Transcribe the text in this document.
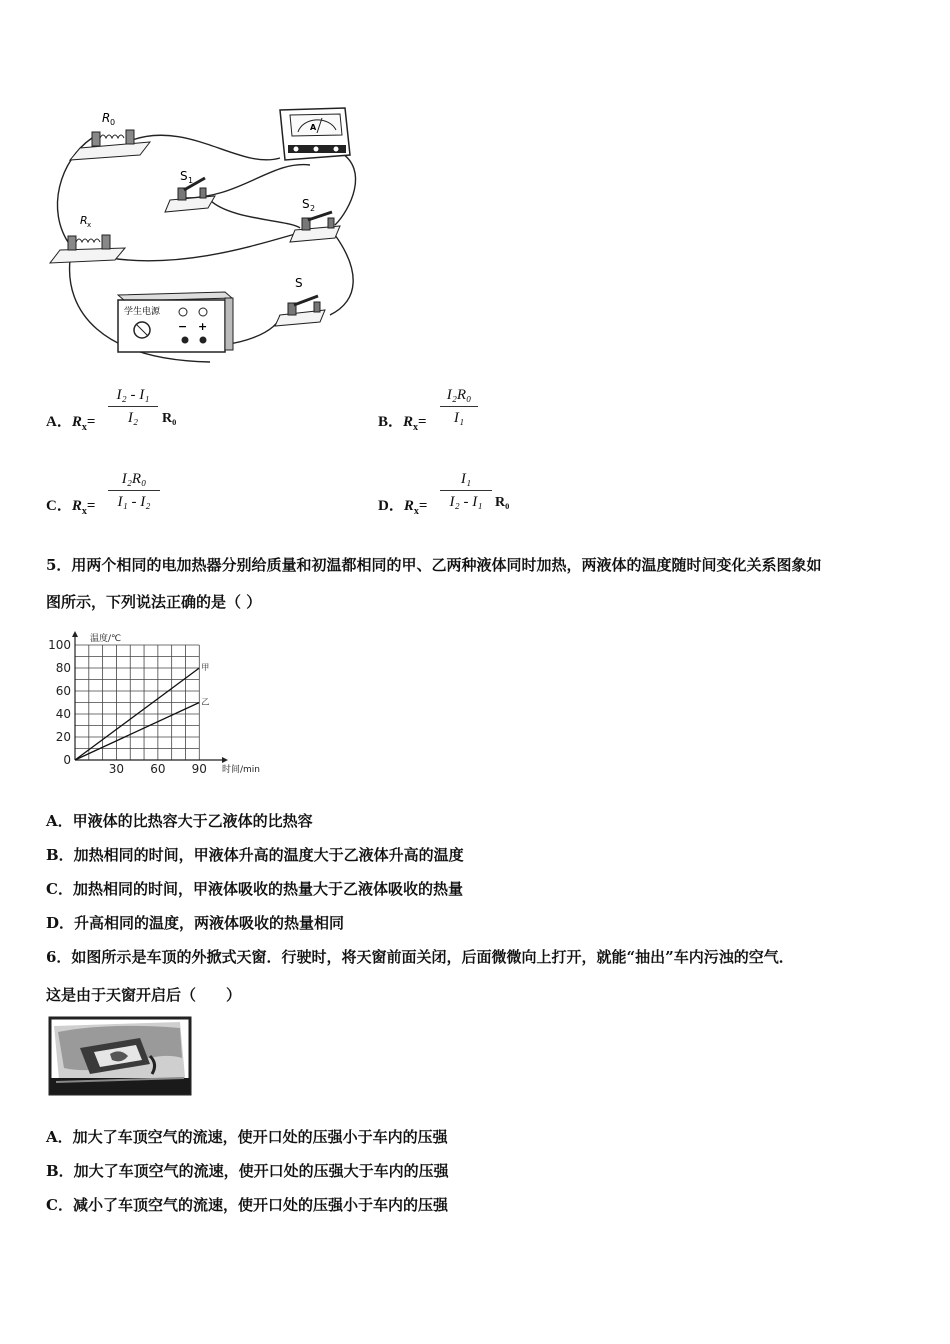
R 0
A
S 1
R x
S 2
S
学生电源
− +
A．$R_x=$
I₂ - I₁
I₂	R₀	B．$R_x=$
I₂R₀
I₁
C．$R_x=$
I₂R₀
I₁ - I₂	D．$R_x=$
I₁
I₂ - I₁ R₀
5．用两个相同的电加热器分别给质量和初温都相同的甲、乙两种液体同时加热，两液体的温度随时间变化关系图象如
图所示，下列说法正确的是（ ）
0
20
40
60
80
100
30 60 90
温度/℃
时间/min
甲
乙
A．甲液体的比热容大于乙液体的比热容
B．加热相同的时间，甲液体升高的温度大于乙液体升高的温度
C．加热相同的时间，甲液体吸收的热量大于乙液体吸收的热量
D．升高相同的温度，两液体吸收的热量相同
6．如图所示是车顶的外掀式天窗．行驶时，将天窗前面关闭，后面微微向上打开，就能“抽出”车内污浊的空气．
这是由于天窗开启后（　　）
A．加大了车顶空气的流速，使开口处的压强小于车内的压强
B．加大了车顶空气的流速，使开口处的压强大于车内的压强
C．减小了车顶空气的流速，使开口处的压强小于车内的压强
